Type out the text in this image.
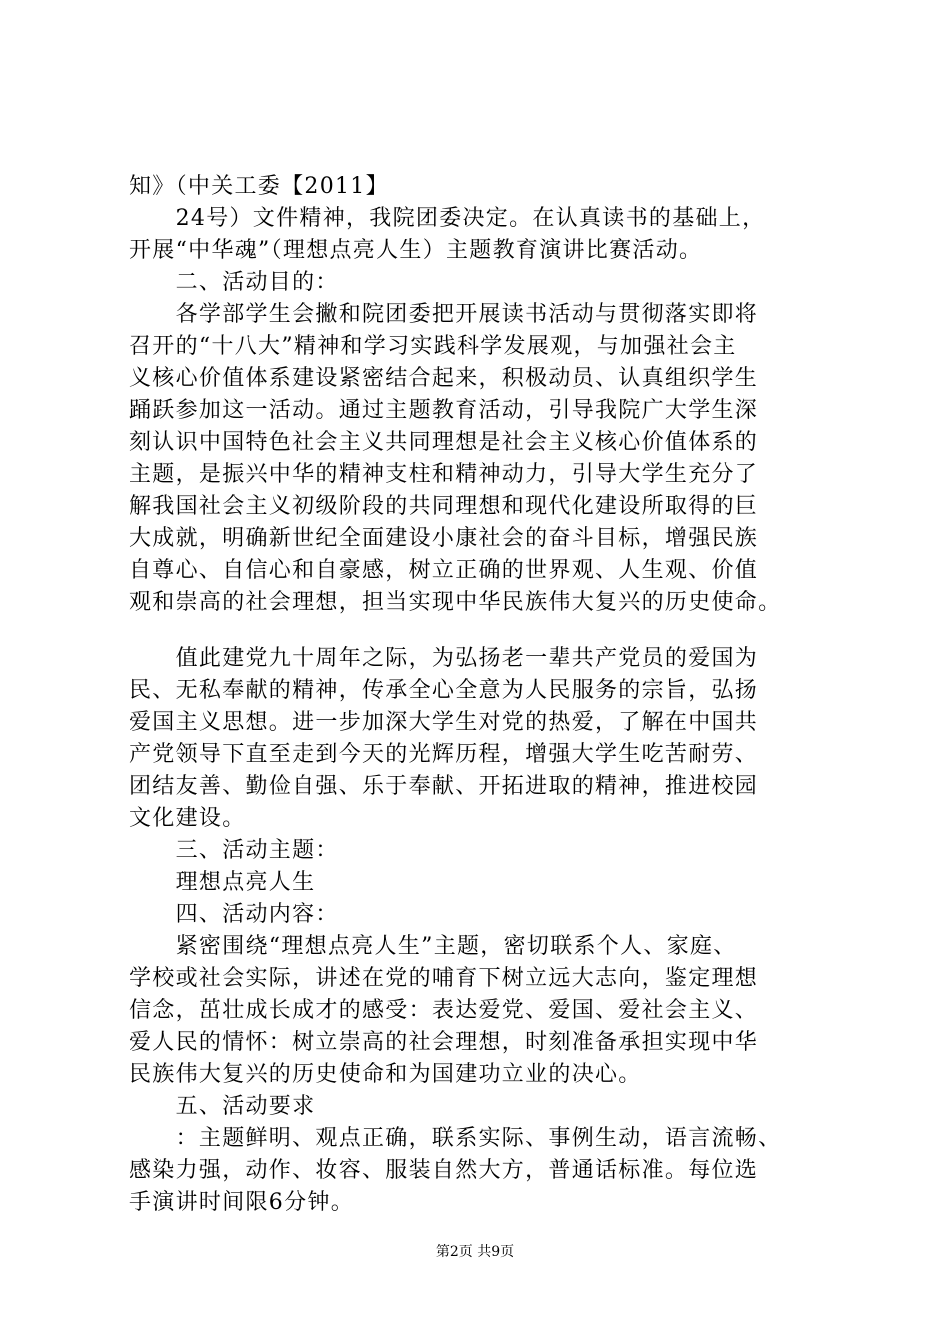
知》（中关工委【2011】
　　24号）文件精神，我院团委决定。在认真读书的基础上，
开展“中华魂”（理想点亮人生）主题教育演讲比赛活动。
　　二、活动目的：
　　各学部学生会撇和院团委把开展读书活动与贯彻落实即将
召开的“十八大”精神和学习实践科学发展观，与加强社会主
义核心价值体系建设紧密结合起来，积极动员、认真组织学生
踊跃参加这一活动。通过主题教育活动，引导我院广大学生深
刻认识中国特色社会主义共同理想是社会主义核心价值体系的
主题，是振兴中华的精神支柱和精神动力，引导大学生充分了
解我国社会主义初级阶段的共同理想和现代化建设所取得的巨
大成就，明确新世纪全面建设小康社会的奋斗目标，增强民族
自尊心、自信心和自豪感，树立正确的世界观、人生观、价值
观和崇高的社会理想，担当实现中华民族伟大复兴的历史使命。
　　值此建党九十周年之际，为弘扬老一辈共产党员的爱国为
民、无私奉献的精神，传承全心全意为人民服务的宗旨，弘扬
爱国主义思想。进一步加深大学生对党的热爱，了解在中国共
产党领导下直至走到今天的光辉历程，增强大学生吃苦耐劳、
团结友善、勤俭自强、乐于奉献、开拓进取的精神，推进校园
文化建设。
　　三、活动主题：
　　理想点亮人生
　　四、活动内容：
　　紧密围绕“理想点亮人生”主题，密切联系个人、家庭、
学校或社会实际，讲述在党的哺育下树立远大志向，鉴定理想
信念，茁壮成长成才的感受：表达爱党、爱国、爱社会主义、
爱人民的情怀：树立崇高的社会理想，时刻准备承担实现中华
民族伟大复兴的历史使命和为国建功立业的决心。
　　五、活动要求
　　：主题鲜明、观点正确，联系实际、事例生动，语言流畅、
感染力强，动作、妆容、服装自然大方，普通话标准。每位选
手演讲时间限6分钟。
第2页 共9页
